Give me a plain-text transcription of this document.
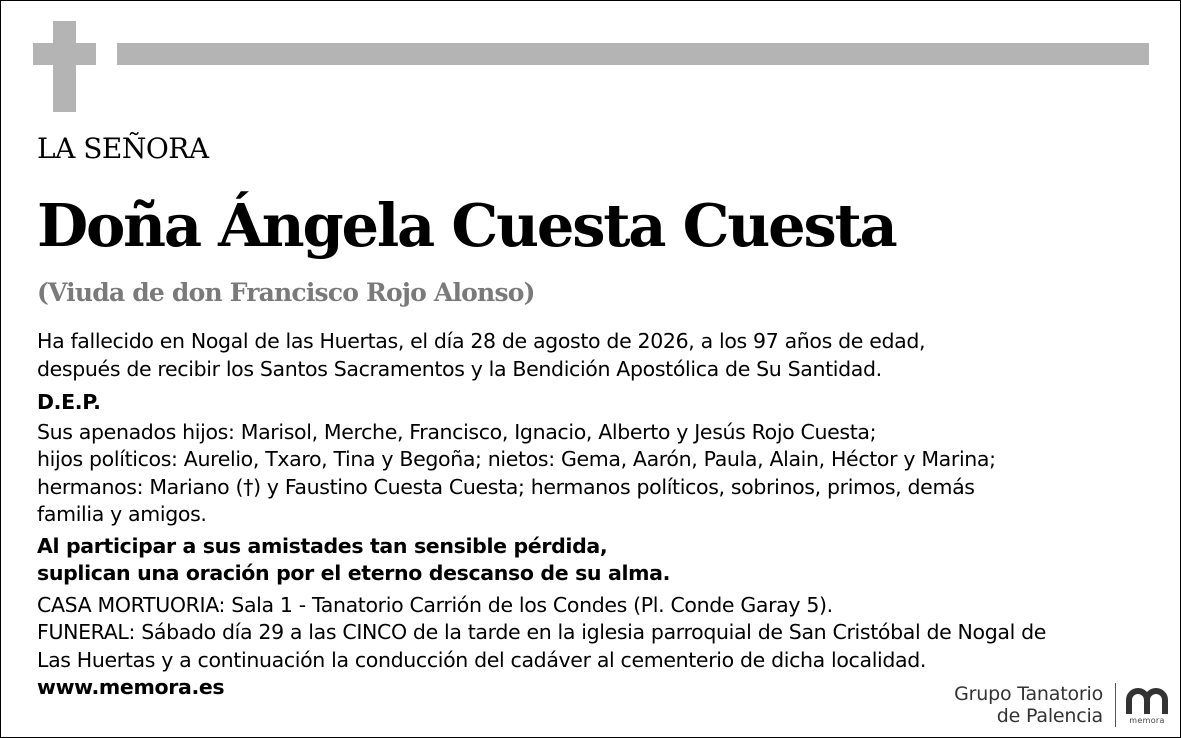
LA SEÑORA
Doña Ángela Cuesta Cuesta
(Viuda de don Francisco Rojo Alonso)

Ha fallecido en Nogal de las Huertas, el día 28 de agosto de 2026, a los 97 años de edad,

después de recibir los Santos Sacramentos y la Bendición Apostólica de Su Santidad.

D.E.P.

Sus apenados hijos: Marisol, Merche, Francisco, Ignacio, Alberto y Jesús Rojo Cuesta;

hijos políticos: Aurelio, Txaro, Tina y Begoña; nietos: Gema, Aarón, Paula, Alain, Héctor y Marina;

hermanos: Mariano (†) y Faustino Cuesta Cuesta; hermanos políticos, sobrinos, primos, demás

familia y amigos.

Al participar a sus amistades tan sensible pérdida,

suplican una oración por el eterno descanso de su alma.

CASA MORTUORIA: Sala 1 - Tanatorio Carrión de los Condes (Pl. Conde Garay 5).

FUNERAL: Sábado día 29 a las CINCO de la tarde en la iglesia parroquial de San Cristóbal de Nogal de

Las Huertas y a continuación la conducción del cadáver al cementerio de dicha localidad.

www.memora.es	Grupo Tanatorio
de Palencia	memora
